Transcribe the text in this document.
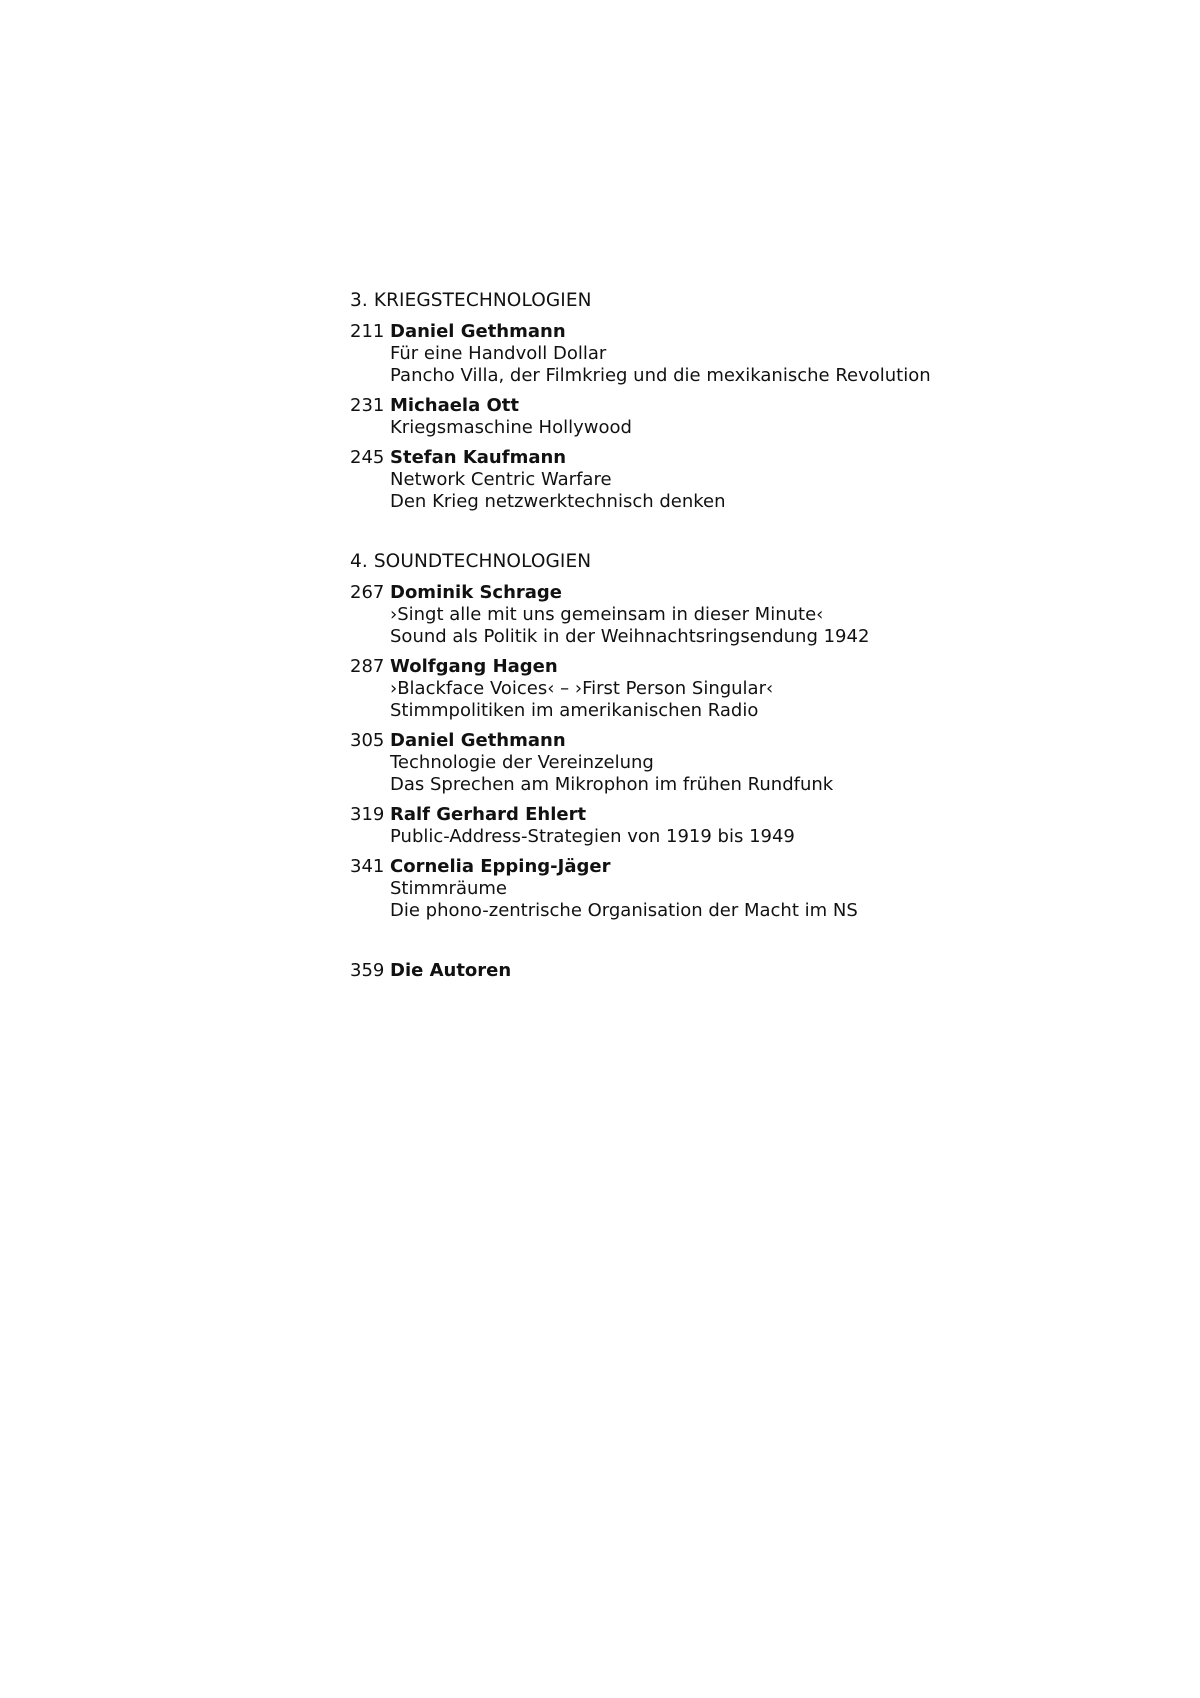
3. KRIEGSTECHNOLOGIEN
211 Daniel Gethmann
Für eine Handvoll Dollar
Pancho Villa, der Filmkrieg und die mexikanische Revolution
231 Michaela Ott
Kriegsmaschine Hollywood
245 Stefan Kaufmann
Network Centric Warfare
Den Krieg netzwerktechnisch denken
4. SOUNDTECHNOLOGIEN
267 Dominik Schrage
›Singt alle mit uns gemeinsam in dieser Minute‹
Sound als Politik in der Weihnachtsringsendung 1942
287 Wolfgang Hagen
›Blackface Voices‹ – ›First Person Singular‹
Stimmpolitiken im amerikanischen Radio
305 Daniel Gethmann
Technologie der Vereinzelung
Das Sprechen am Mikrophon im frühen Rundfunk
319 Ralf Gerhard Ehlert
Public-Address-Strategien von 1919 bis 1949
341 Cornelia Epping-Jäger
Stimmräume
Die phono-zentrische Organisation der Macht im NS
359 Die Autoren
